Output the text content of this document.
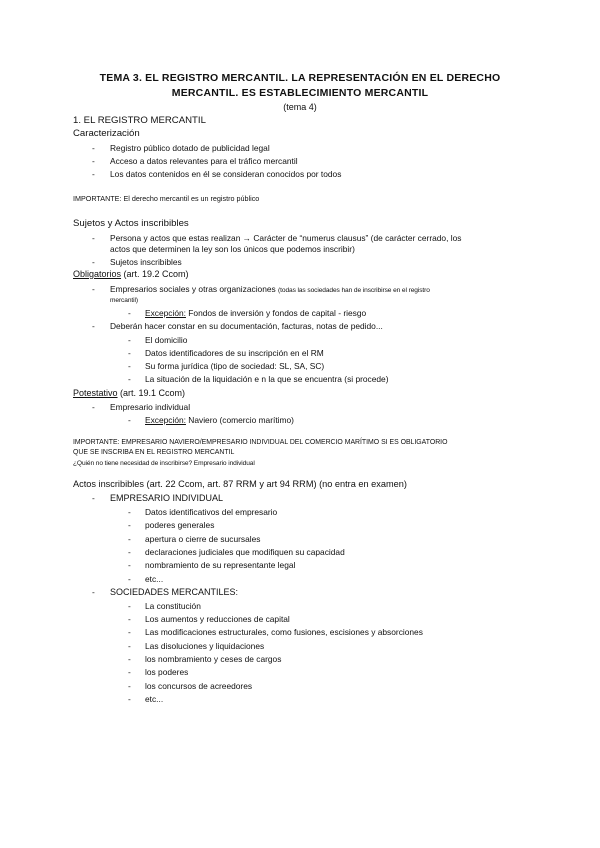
TEMA 3. EL REGISTRO MERCANTIL. LA REPRESENTACIÓN EN EL DERECHO
MERCANTIL. ES ESTABLECIMIENTO MERCANTIL
(tema 4)
1. EL REGISTRO MERCANTIL
Caracterización
- Registro público dotado de publicidad legal
- Acceso a datos relevantes para el tráfico mercantil
- Los datos contenidos en él se consideran conocidos por todos
IMPORTANTE: El derecho mercantil es un registro público
Sujetos y Actos inscribibles
- Persona y actos que estas realizan → Carácter de “numerus clausus” (de carácter cerrado, los
actos que determinen la ley son los únicos que podemos inscribir)
- Sujetos inscribibles
Obligatorios (art. 19.2 Ccom)
- Empresarios sociales y otras organizaciones (todas las sociedades han de inscribirse en el registro
mercantil)
- Excepción: Fondos de inversión y fondos de capital - riesgo
- Deberán hacer constar en su documentación, facturas, notas de pedido...
- El domicilio
- Datos identificadores de su inscripción en el RM
- Su forma jurídica (tipo de sociedad: SL, SA, SC)
- La situación de la liquidación e n la que se encuentra (si procede)
Potestativo (art. 19.1 Ccom)
- Empresario individual
- Excepción: Naviero (comercio marítimo)
IMPORTANTE: EMPRESARIO NAVIERO/EMPRESARIO INDIVIDUAL DEL COMERCIO MARÍTIMO SI ES OBLIGATORIO
QUE SE INSCRIBA EN EL REGISTRO MERCANTIL
¿Quién no tiene necesidad de inscribirse? Empresario individual
Actos inscribibles (art. 22 Ccom, art. 87 RRM y art 94 RRM) (no entra en examen)
- EMPRESARIO INDIVIDUAL
- Datos identificativos del empresario
- poderes generales
- apertura o cierre de sucursales
- declaraciones judiciales que modifiquen su capacidad
- nombramiento de su representante legal
- etc...
- SOCIEDADES MERCANTILES:
- La constitución
- Los aumentos y reducciones de capital
- Las modificaciones estructurales, como fusiones, escisiones y absorciones
- Las disoluciones y liquidaciones
- los nombramiento y ceses de cargos
- los poderes
- los concursos de acreedores
- etc...
